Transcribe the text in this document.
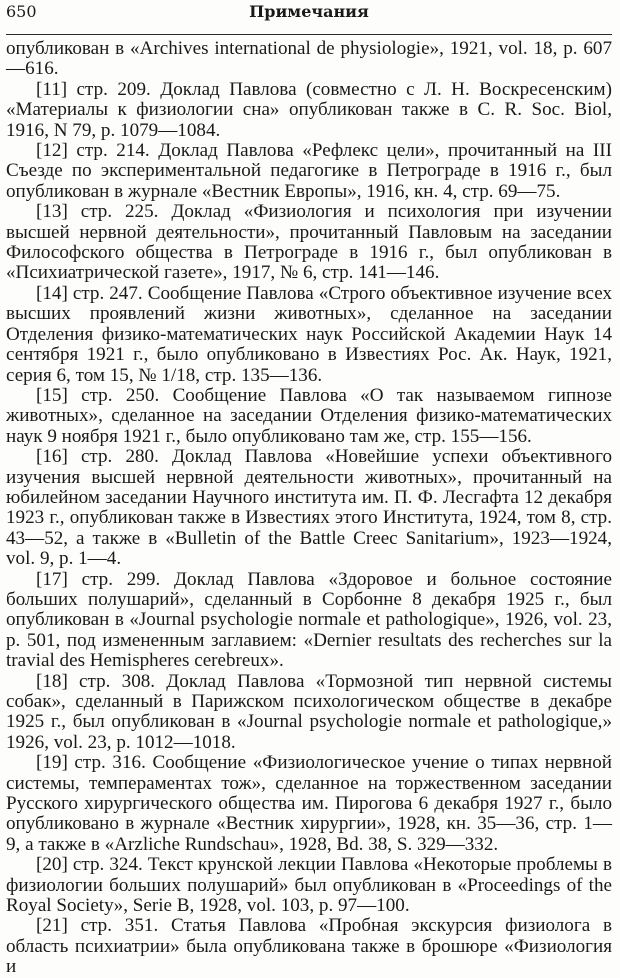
650	Примечания

опубликован в «Archives international de physiologie», 1921, vol. 18, p. 607—616.

[11] стр. 209. Доклад Павлова (совместно с Л. Н. Воскресенским) «Материалы к физиологии сна» опубликован также в C. R. Soc. Biol, 1916, N 79, p. 1079—1084.

[12] стр. 214. Доклад Павлова «Рефлекс цели», прочитанный на III Съезде по экспериментальной педагогике в Петрограде в 1916 г., был опубликован в журнале «Вестник Европы», 1916, кн. 4, стр. 69—75.

[13] стр. 225. Доклад «Физиология и психология при изучении высшей нервной деятельности», прочитанный Павловым на заседании Философского общества в Петрограде в 1916 г., был опубликован в «Психиатрической газете», 1917, № 6, стр. 141—146.

[14] стр. 247. Сообщение Павлова «Строго объективное изучение всех высших проявлений жизни животных», сделанное на заседании Отделения физико-математических наук Российской Академии Наук 14 сентября 1921 г., было опубликовано в Известиях Рос. Ак. Наук, 1921, серия 6, том 15, № 1/18, стр. 135—136.

[15] стр. 250. Сообщение Павлова «О так называемом гипнозе животных», сделанное на заседании Отделения физико-математических наук 9 ноября 1921 г., было опубликовано там же, стр. 155—156.

[16] стр. 280. Доклад Павлова «Новейшие успехи объективного изучения высшей нервной деятельности животных», прочитанный на юбилейном заседании Научного института им. П. Ф. Лесгафта 12 декабря 1923 г., опубликован также в Известиях этого Института, 1924, том 8, стр. 43—52, а также в «Bulletin of the Battle Creec Sanitarium», 1923—1924, vol. 9, p. 1—4.

[17] стр. 299. Доклад Павлова «Здоровое и больное состояние больших полушарий», сделанный в Сорбонне 8 декабря 1925 г., был опубликован в «Journal psychologie normale et pathologique», 1926, vol. 23, p. 501, под измененным заглавием: «Dernier resultats des recherches sur la travial des Hemispheres cerebreux».

[18] стр. 308. Доклад Павлова «Тормозной тип нервной системы собак», сделанный в Парижском психологическом обществе в декабре 1925 г., был опубликован в «Journal psychologie normale et pathologique,» 1926, vol. 23, p. 1012—1018.

[19] стр. 316. Сообщение «Физиологическое учение о типах нервной системы, темпераментах тож», сделанное на торжественном заседании Русского хирургического общества им. Пирогова 6 декабря 1927 г., было опубликовано в журнале «Вестник хирургии», 1928, кн. 35—36, стр. 1—9, а также в «Arzliche Rundschau», 1928, Bd. 38, S. 329—332.

[20] стр. 324. Текст крунской лекции Павлова «Некоторые проблемы в физиологии больших полушарий» был опубликован в «Proceedings of the Royal Society», Serie B, 1928, vol. 103, p. 97—100.

[21] стр. 351. Статья Павлова «Пробная экскурсия физиолога в область психиатрии» была опубликована также в брошюре «Физиология и
